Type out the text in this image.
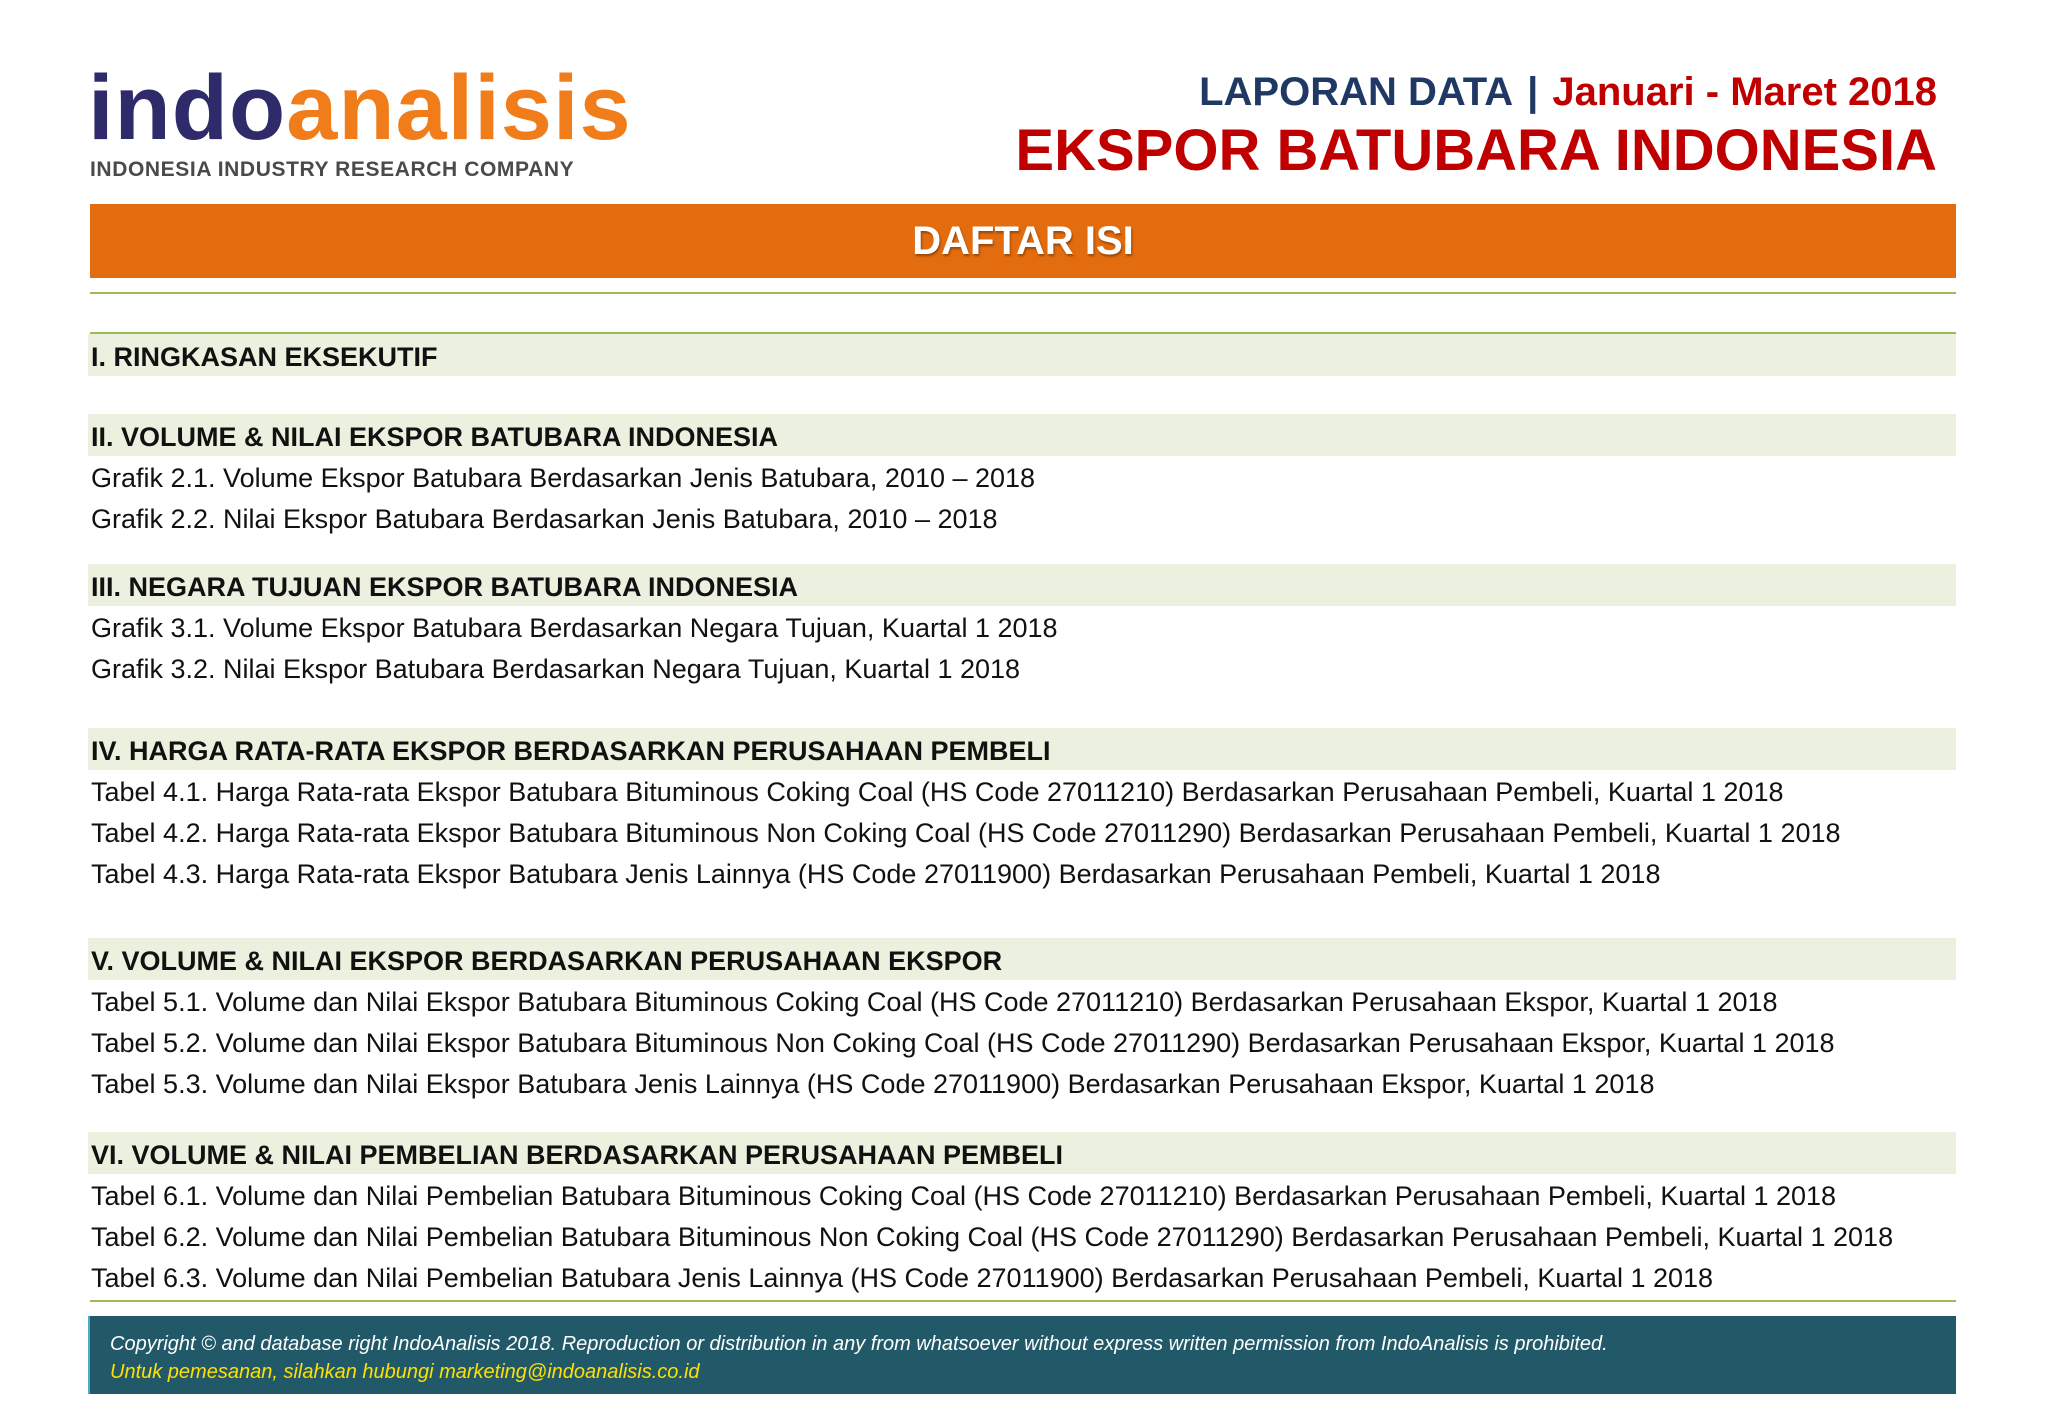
indoanalisis
INDONESIA INDUSTRY RESEARCH COMPANY
LAPORAN DATA | Januari - Maret 2018
EKSPOR BATUBARA INDONESIA
DAFTAR ISI
I. RINGKASAN EKSEKUTIF
II. VOLUME & NILAI EKSPOR BATUBARA INDONESIA
Grafik 2.1. Volume Ekspor Batubara Berdasarkan Jenis Batubara, 2010 – 2018
Grafik 2.2. Nilai Ekspor Batubara Berdasarkan Jenis Batubara, 2010 – 2018
III. NEGARA TUJUAN EKSPOR BATUBARA INDONESIA
Grafik 3.1. Volume Ekspor Batubara Berdasarkan Negara Tujuan, Kuartal 1 2018
Grafik 3.2. Nilai Ekspor Batubara Berdasarkan Negara Tujuan, Kuartal 1 2018
IV. HARGA RATA-RATA EKSPOR BERDASARKAN PERUSAHAAN PEMBELI
Tabel 4.1. Harga Rata-rata Ekspor Batubara Bituminous Coking Coal (HS Code 27011210) Berdasarkan Perusahaan Pembeli, Kuartal 1 2018
Tabel 4.2. Harga Rata-rata Ekspor Batubara Bituminous Non Coking Coal (HS Code 27011290) Berdasarkan Perusahaan Pembeli, Kuartal 1 2018
Tabel 4.3. Harga Rata-rata Ekspor Batubara Jenis Lainnya (HS Code 27011900) Berdasarkan Perusahaan Pembeli, Kuartal 1 2018
V. VOLUME & NILAI EKSPOR BERDASARKAN PERUSAHAAN EKSPOR
Tabel 5.1. Volume dan Nilai Ekspor Batubara Bituminous Coking Coal (HS Code 27011210) Berdasarkan Perusahaan Ekspor, Kuartal 1 2018
Tabel 5.2. Volume dan Nilai Ekspor Batubara Bituminous Non Coking Coal (HS Code 27011290) Berdasarkan Perusahaan Ekspor, Kuartal 1 2018
Tabel 5.3. Volume dan Nilai Ekspor Batubara Jenis Lainnya (HS Code 27011900) Berdasarkan Perusahaan Ekspor, Kuartal 1 2018
VI. VOLUME & NILAI PEMBELIAN BERDASARKAN PERUSAHAAN PEMBELI
Tabel 6.1. Volume dan Nilai Pembelian Batubara Bituminous Coking Coal (HS Code 27011210) Berdasarkan Perusahaan Pembeli, Kuartal 1 2018
Tabel 6.2. Volume dan Nilai Pembelian Batubara Bituminous Non Coking Coal (HS Code 27011290) Berdasarkan Perusahaan Pembeli, Kuartal 1 2018
Tabel 6.3. Volume dan Nilai Pembelian Batubara Jenis Lainnya (HS Code 27011900) Berdasarkan Perusahaan Pembeli, Kuartal 1 2018
Copyright © and database right IndoAnalisis 2018. Reproduction or distribution in any from whatsoever without express written permission from IndoAnalisis is prohibited.
Untuk pemesanan, silahkan hubungi marketing@indoanalisis.co.id
